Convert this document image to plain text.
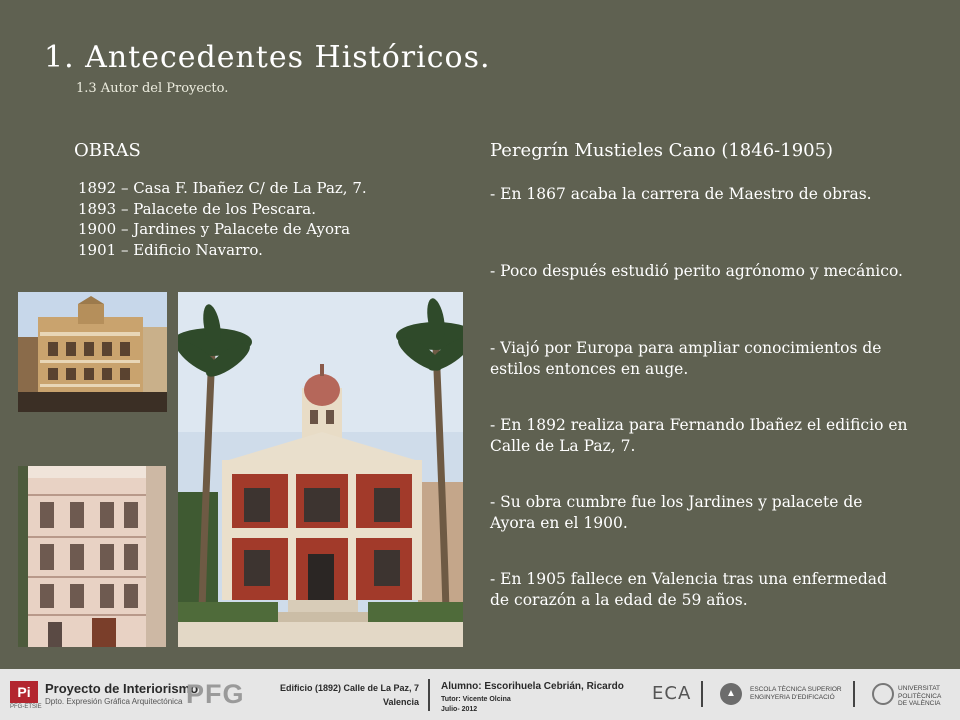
1. Antecedentes Históricos.
1.3 Autor del Proyecto.
OBRAS
1892 – Casa F. Ibañez C/ de La Paz, 7.
1893 – Palacete de los Pescara.
1900 – Jardines y Palacete de Ayora
1901 – Edificio Navarro.
Peregrín Mustieles Cano (1846-1905)
- En 1867 acaba la carrera de Maestro de obras.
- Poco después estudió perito agrónomo y mecánico.
- Viajó por Europa para ampliar conocimientos de estilos entonces en auge.
- En 1892 realiza para Fernando Ibañez el edificio en Calle de La Paz, 7.
- Su obra cumbre fue los Jardines y palacete de Ayora en el 1900.
- En 1905 fallece en Valencia tras una enfermedad de corazón a la edad de 59 años.
Pi
PFG-ETSIE
Proyecto de Interiorismo
Dpto. Expresión Gráfica Arquitectónica PFG	Edificio (1892) Calle de La Paz, 7
Valencia
Alumno: Escorihuela Cebrián, Ricardo
Tutor: Vicente Olcina
Julio- 2012
ECA	▲	ESCOLA TÈCNICA SUPERIOR
ENGINYERIA D'EDIFICACIÓ
UNIVERSITAT
POLITÈCNICA
DE VALÈNCIA
